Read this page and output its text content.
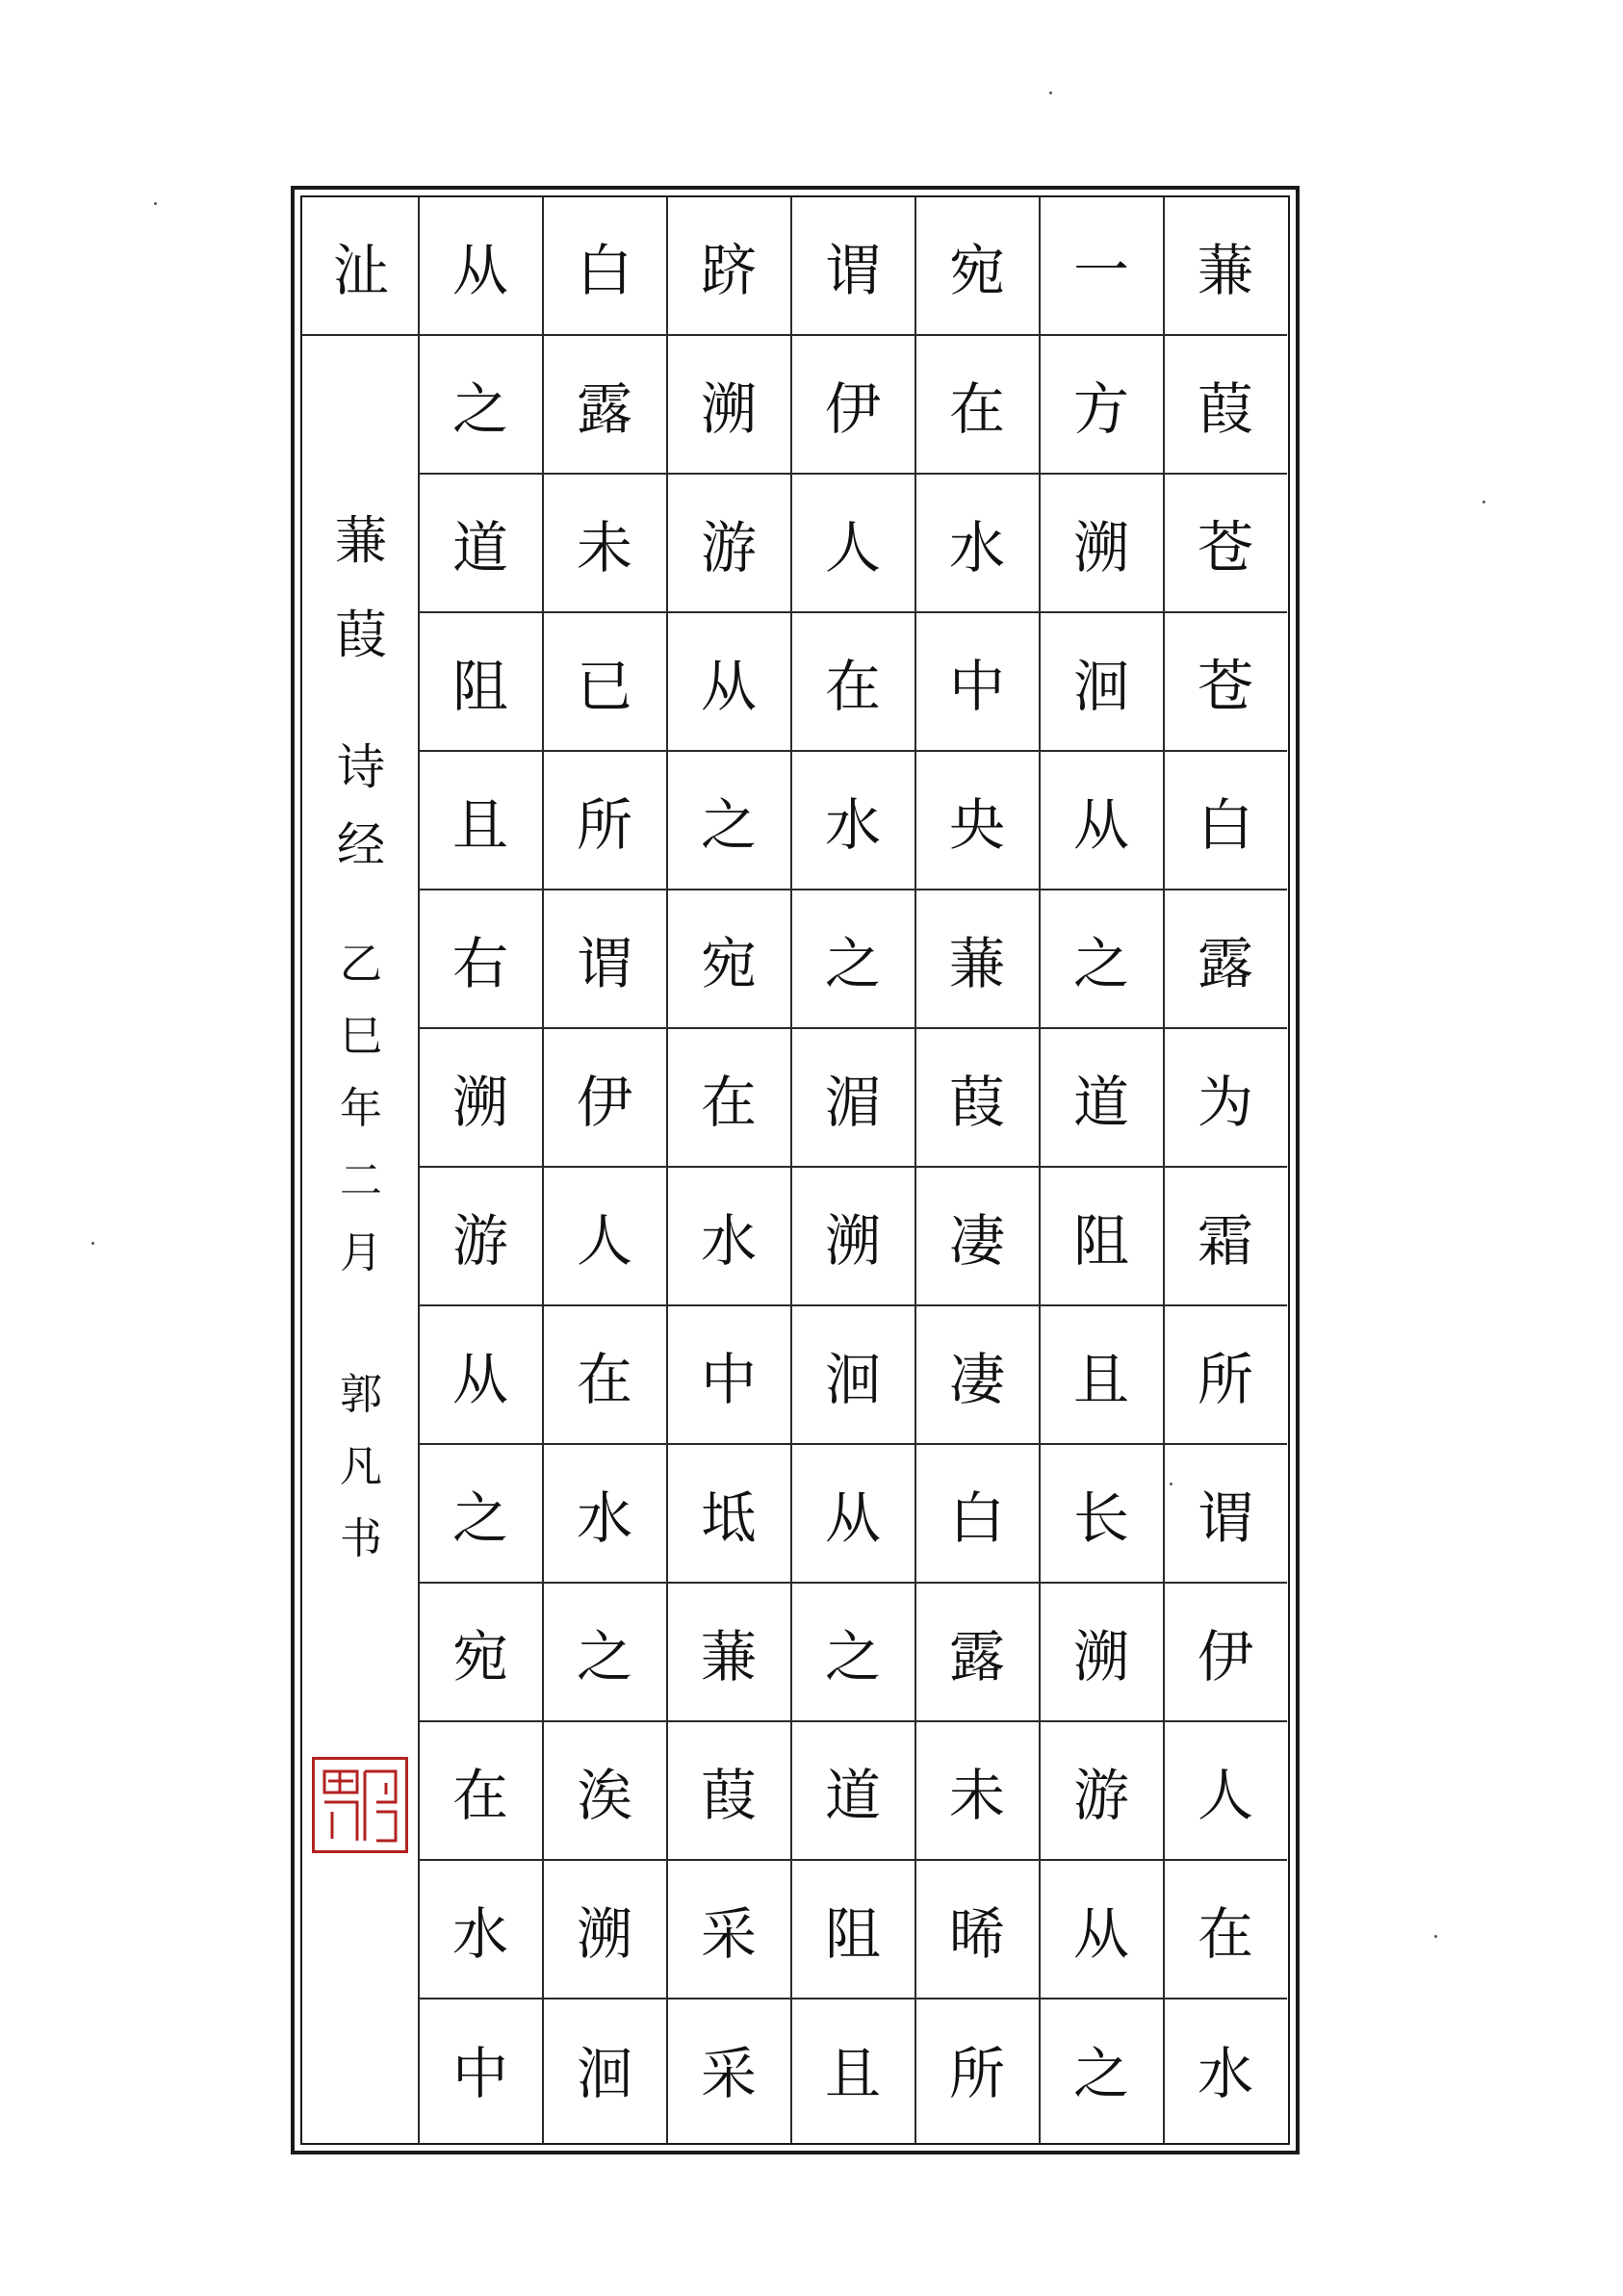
蒹
葭
苍
苍
白
露
为
霜
所
谓
伊
人
在
水
一
方
溯
洄
从
之
道
阻
且
长
溯
游
从
之
宛
在
水
中
央
蒹
葭
凄
凄
白
露
未
晞
所
谓
伊
人
在
水
之
湄
溯
洄
从
之
道
阻
且
跻
溯
游
从
之
宛
在
水
中
坻
蒹
葭
采
采
白
露
未
已
所
谓
伊
人
在
水
之
涘
溯
洄
从
之
道
阻
且
右
溯
游
从
之
宛
在
水
中
沚
蒹
葭
诗
经
乙
巳
年
二
月
郭
凡
书
